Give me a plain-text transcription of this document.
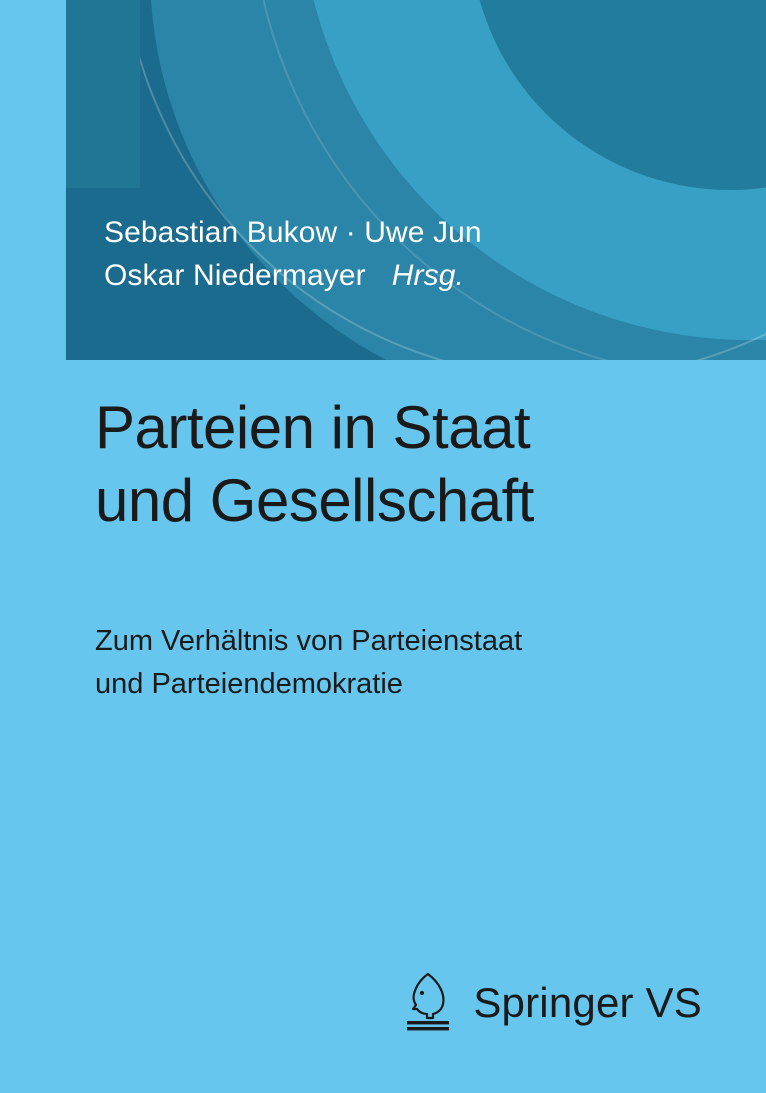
Sebastian Bukow · Uwe Jun
Oskar Niedermayer Hrsg.
Parteien in Staat
und Gesellschaft
Zum Verhältnis von Parteienstaat
und Parteiendemokratie
Springer VS
